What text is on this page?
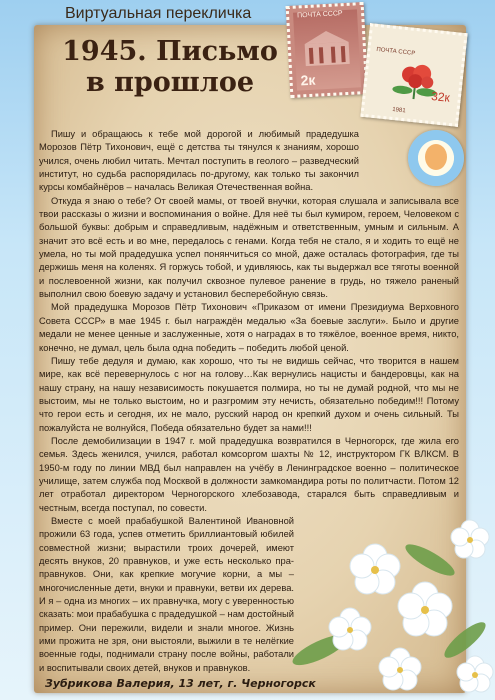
Виртуальная перекличка	ПОЧТА СССР
2к
ПОЧТА СССР
32к
1981
1945. Письмо
в прошлое

Пишу и обращаюсь к тебе мой дорогой и любимый прадедушка Морозов Пётр Тихонович, ещё с детства ты тянулся к знаниям, хорошо учился, очень любил читать. Мечтал поступить в геолого – разведческий институт, но судьба распорядилась по-другому, как только ты закончил курсы комбайнёров – началась Великая Отечественная война.

Откуда я знаю о тебе? От своей мамы, от твоей внучки, которая слушала и записывала все твои рассказы о жизни и воспоминания о войне. Для неё ты был кумиром, героем, Человеком с большой буквы: добрым и справедливым, надёжным и ответственным, умным и сильным. А значит это всё есть и во мне, передалось с генами. Когда тебя не стало, я и ходить то ещё не умела, но ты мой прадедушка успел понянчиться со мной, даже осталась фотография, где ты держишь меня на коленях. Я горжусь тобой, и удивляюсь, как ты выдержал все тяготы военной и послевоенной жизни, как получил сквозное пулевое ранение в грудь, но тяжело раненый выполнил свою боевую задачу и установил бесперебойную связь.

Мой прадедушка Морозов Пётр Тихонович «Приказом от имени Президиума Верховного Совета СССР» в мае 1945 г. был награждён медалью «За боевые заслуги». Было и другие медали не менее ценные и заслуженные, хотя о наградах в то тяжёлое, военное время, никто, конечно, не думал, цель была одна победить – победить любой ценой.

Пишу тебе дедуля и думаю, как хорошо, что ты не видишь сейчас, что творится в нашем мире, как всё перевернулось с ног на голову…Как вернулись нацисты и бандеровцы, как на нашу страну, на нашу независимость покушается полмира, но ты не думай родной, что мы не выстоим, мы не только выстоим, но и разгромим эту нечисть, обязательно победим!!! Потому что герои есть и сегодня, их не мало, русский народ он крепкий духом и очень сильный. Ты пожалуйста не волнуйся, Победа обязательно будет за нами!!!

После демобилизации в 1947 г. мой прадедушка возвратился в Черногорск, где жила его семья. Здесь женился, учился, работал комсоргом шахты № 12, инструктором ГК ВЛКСМ. В 1950-м году по линии МВД был направлен на учёбу в Ленинградское военно – политическое училище, затем служба под Москвой в должности замкомандира роты по политчасти. Потом 12 лет отработал директором Черногорского хлебозавода, старался быть справедливым и честным, всегда поступал, по совести.

Вместе с моей прабабушкой Валентиной Ивановной прожили 63 года, успев отметить бриллиантовый юбилей совместной жизни; вырастили троих дочерей, имеют десять внуков, 20 правнуков, и уже есть несколько пра-правнуков. Они, как крепкие могучие корни, а мы – многочисленные дети, внуки и правнуки, ветви их дерева. И я – одна из многих – их правнучка, могу с уверенностью сказать: мои прабабушка с прадедушкой – нам достойный пример. Они пережили, видели и знали многое. Жизнь ими прожита не зря, они выстояли, выжили в те нелёгкие военные годы, поднимали страну после войны, работали и воспитывали своих детей, внуков и правнуков.

Зубрикова Валерия, 13 лет, г. Черногорск
